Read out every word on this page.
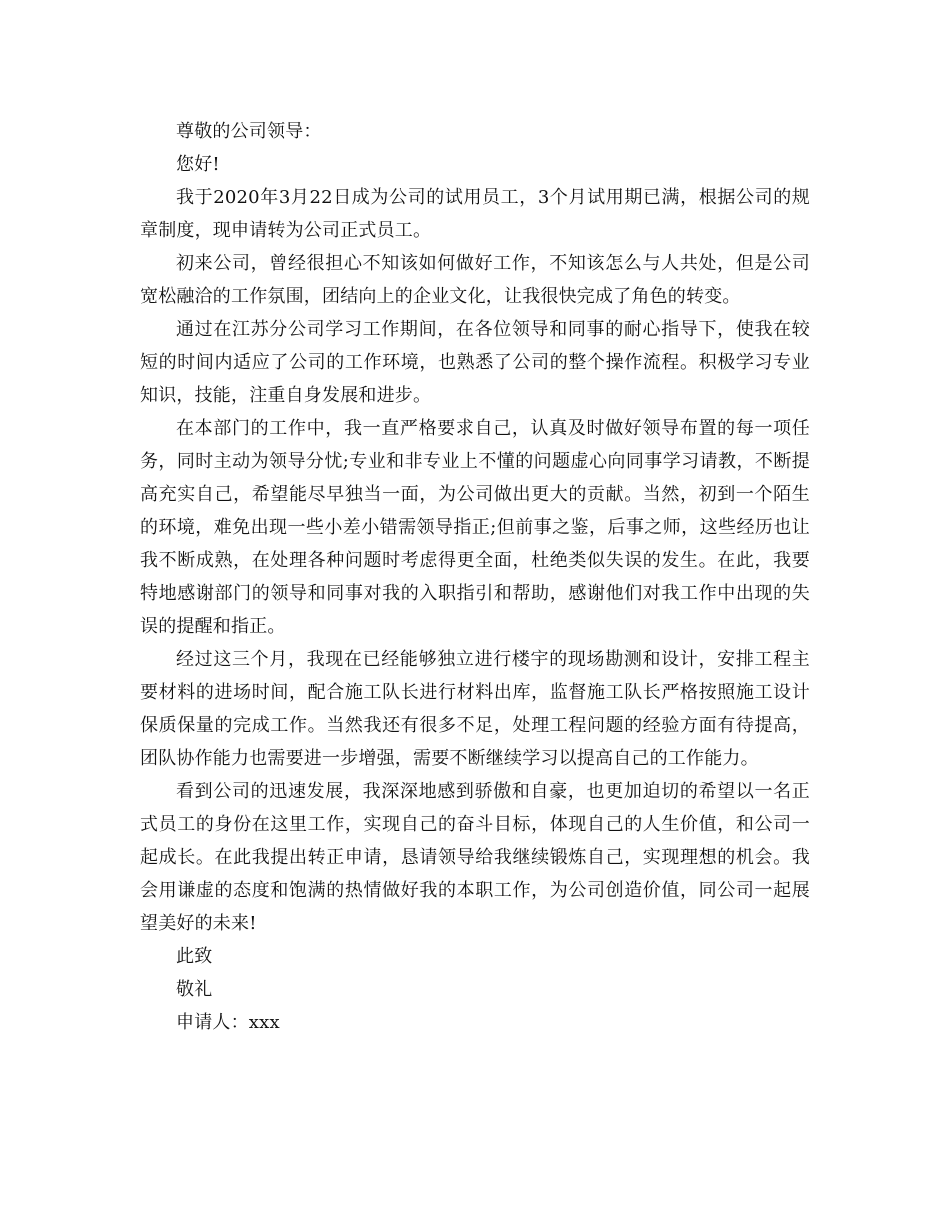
尊敬的公司领导：

您好!

我于2020年3月22日成为公司的试用员工，3个月试用期已满，根据公司的规章制度，现申请转为公司正式员工。

初来公司，曾经很担心不知该如何做好工作，不知该怎么与人共处，但是公司宽松融洽的工作氛围，团结向上的企业文化，让我很快完成了角色的转变。

通过在江苏分公司学习工作期间，在各位领导和同事的耐心指导下，使我在较短的时间内适应了公司的工作环境，也熟悉了公司的整个操作流程。积极学习专业知识，技能，注重自身发展和进步。

在本部门的工作中，我一直严格要求自己，认真及时做好领导布置的每一项任务，同时主动为领导分忧;专业和非专业上不懂的问题虚心向同事学习请教，不断提高充实自己，希望能尽早独当一面，为公司做出更大的贡献。当然，初到一个陌生的环境，难免出现一些小差小错需领导指正;但前事之鉴，后事之师，这些经历也让我不断成熟，在处理各种问题时考虑得更全面，杜绝类似失误的发生。在此，我要特地感谢部门的领导和同事对我的入职指引和帮助，感谢他们对我工作中出现的失误的提醒和指正。

经过这三个月，我现在已经能够独立进行楼宇的现场勘测和设计，安排工程主要材料的进场时间，配合施工队长进行材料出库，监督施工队长严格按照施工设计保质保量的完成工作。当然我还有很多不足，处理工程问题的经验方面有待提高，团队协作能力也需要进一步增强，需要不断继续学习以提高自己的工作能力。

看到公司的迅速发展，我深深地感到骄傲和自豪，也更加迫切的希望以一名正式员工的身份在这里工作，实现自己的奋斗目标，体现自己的人生价值，和公司一起成长。在此我提出转正申请，恳请领导给我继续锻炼自己，实现理想的机会。我会用谦虚的态度和饱满的热情做好我的本职工作，为公司创造价值，同公司一起展望美好的未来!

此致

敬礼

申请人：xxx
